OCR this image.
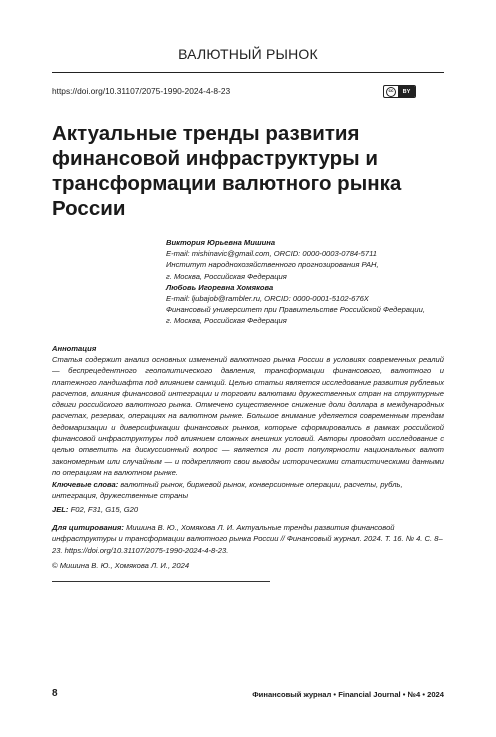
ВАЛЮТНЫЙ РЫНОК
https://doi.org/10.31107/2075-1990-2024-4-8-23	cc	BY
Актуальные тренды развития финансовой инфраструктуры и трансформации валютного рынка России
Виктория Юрьевна Мишина
E-mail: mishinavic@gmail.com, ORCID: 0000-0003-0784-5711
Институт народнохозяйственного прогнозирования РАН,
г. Москва, Российская Федерация
Любовь Игоревна Хомякова
E-mail: ljubajob@rambler.ru, ORCID: 0000-0001-5102-676X
Финансовый университет при Правительстве Российской Федерации,
г. Москва, Российская Федерация
Аннотация
Статья содержит анализ основных изменений валютного рынка России в условиях современных реалий — беспрецедентного геополитического давления, трансформации финансового, валютного и платежного ландшафта под влиянием санкций. Целью статьи является исследование развития рублевых расчетов, влияния финансовой интеграции и торговли валютами дружественных стран на структурные сдвиги российского валютного рынка. Отмечено существенное снижение доли доллара в международных расчетах, резервах, операциях на валютном рынке. Большое внимание уделяется современным трендам дедомаризации и диверсификации финансовых рынков, которые сформировались в рамках российской финансовой инфраструктуры под влиянием сложных внешних условий. Авторы проводят исследование с целью ответить на дискуссионный вопрос — является ли рост популярности национальных валют закономерным или случайным — и подкрепляют свои выводы историческими статистическими данными по операциям на валютном рынке.
Ключевые слова: валютный рынок, биржевой рынок, конверсионные операции, расчеты, рубль, интеграция, дружественные страны
JEL: F02, F31, G15, G20
Для цитирования: Мишина В. Ю., Хомякова Л. И. Актуальные тренды развития финансовой инфраструктуры и трансформации валютного рынка России // Финансовый журнал. 2024. Т. 16. № 4. С. 8–23. https://doi.org/10.31107/2075-1990-2024-4-8-23.
© Мишина В. Ю., Хомякова Л. И., 2024
8	Финансовый журнал • Financial Journal • №4 • 2024
